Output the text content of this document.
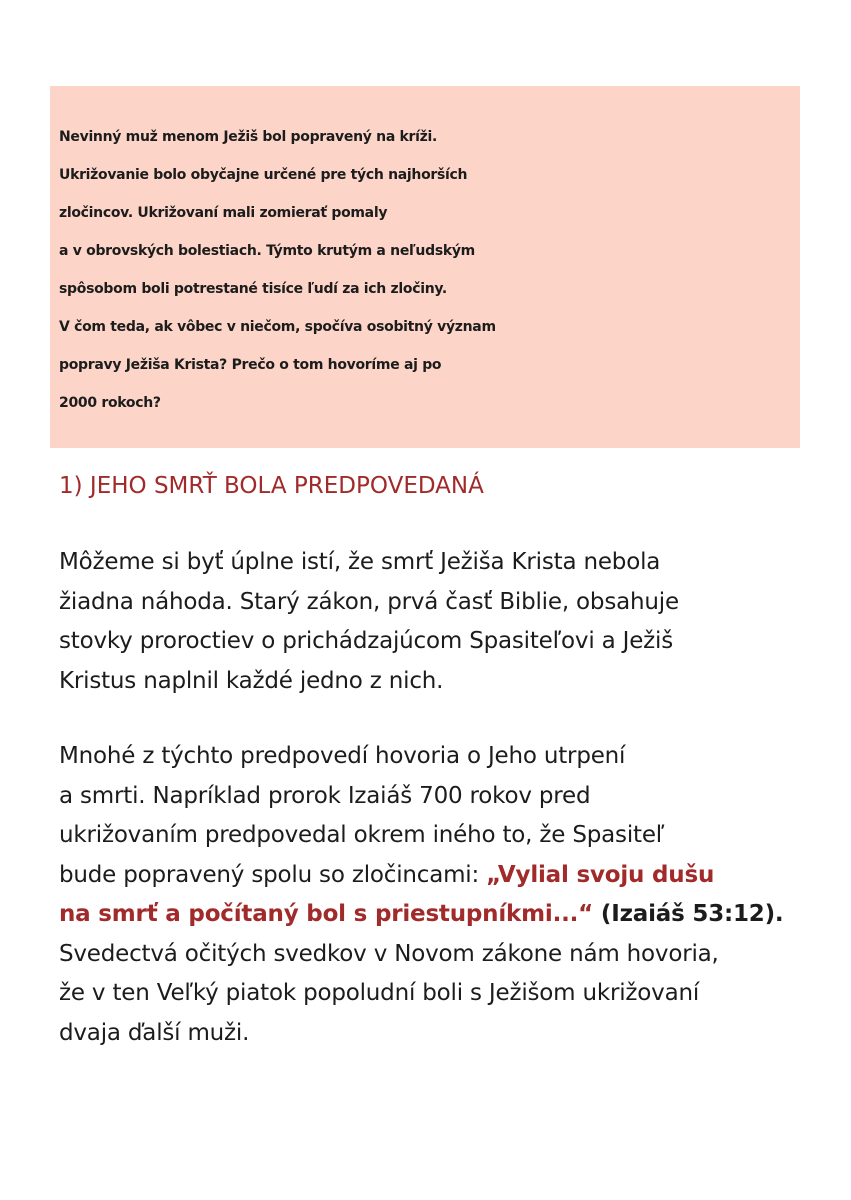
Nevinný muž menom Ježiš bol popravený na kríži.
Ukrižovanie bolo obyčajne určené pre tých najhorších
zločincov. Ukrižovaní mali zomierať pomaly
a v obrovských bolestiach. Týmto krutým a neľudským
spôsobom boli potrestané tisíce ľudí za ich zločiny.
V čom teda, ak vôbec v niečom, spočíva osobitný význam
popravy Ježiša Krista? Prečo o tom hovoríme aj po
2000 rokoch?
1) JEHO SMRŤ BOLA PREDPOVEDANÁ
Môžeme si byť úplne istí, že smrť Ježiša Krista nebola
žiadna náhoda. Starý zákon, prvá časť Biblie, obsahuje
stovky proroctiev o prichádzajúcom Spasiteľovi a Ježiš
Kristus naplnil každé jedno z nich.
Mnohé z týchto predpovedí hovoria o Jeho utrpení
a smrti. Napríklad prorok Izaiáš 700 rokov pred
ukrižovaním predpovedal okrem iného to, že Spasiteľ
bude popravený spolu so zločincami: „Vylial svoju dušu
na smrť a počítaný bol s priestupníkmi...“ (Izaiáš 53:12).
Svedectvá očitých svedkov v Novom zákone nám hovoria,
že v ten Veľký piatok popoludní boli s Ježišom ukrižovaní
dvaja ďalší muži.
